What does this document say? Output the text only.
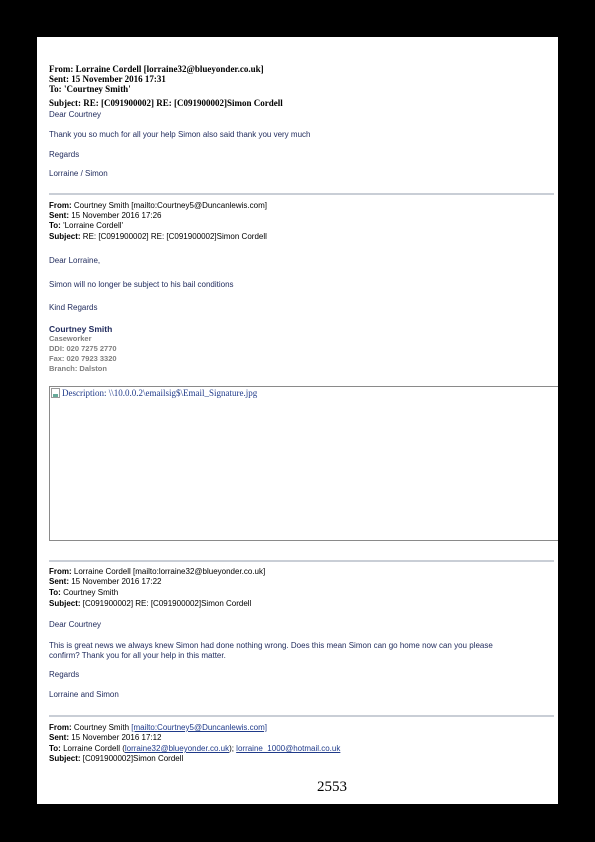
From: Lorraine Cordell [lorraine32@blueyonder.co.uk]
Sent: 15 November 2016 17:31
To: 'Courtney Smith'
Subject: RE: [C091900002] RE: [C091900002]Simon Cordell
Dear Courtney
Thank you so much for all your help Simon also said thank you very much
Regards
Lorraine / Simon
From: Courtney Smith [mailto:Courtney5@Duncanlewis.com]
Sent: 15 November 2016 17:26
To: 'Lorraine Cordell'
Subject: RE: [C091900002] RE: [C091900002]Simon Cordell
Dear Lorraine,
Simon will no longer be subject to his bail conditions
Kind Regards
Courtney Smith
Caseworker
DDI: 020 7275 2770
Fax: 020 7923 3320
Branch: Dalston
Description: \\10.0.0.2\emailsig$\Email_Signature.jpg
From: Lorraine Cordell [mailto:lorraine32@blueyonder.co.uk]
Sent: 15 November 2016 17:22
To: Courtney Smith
Subject: [C091900002] RE: [C091900002]Simon Cordell
Dear Courtney
This is great news we always knew Simon had done nothing wrong. Does this mean Simon can go home now can you please
confirm? Thank you for all your help in this matter.
Regards
Lorraine and Simon
From: Courtney Smith [mailto:Courtney5@Duncanlewis.com]
Sent: 15 November 2016 17:12
To: Lorraine Cordell (lorraine32@blueyonder.co.uk); lorraine_1000@hotmail.co.uk
Subject: [C091900002]Simon Cordell
2553
